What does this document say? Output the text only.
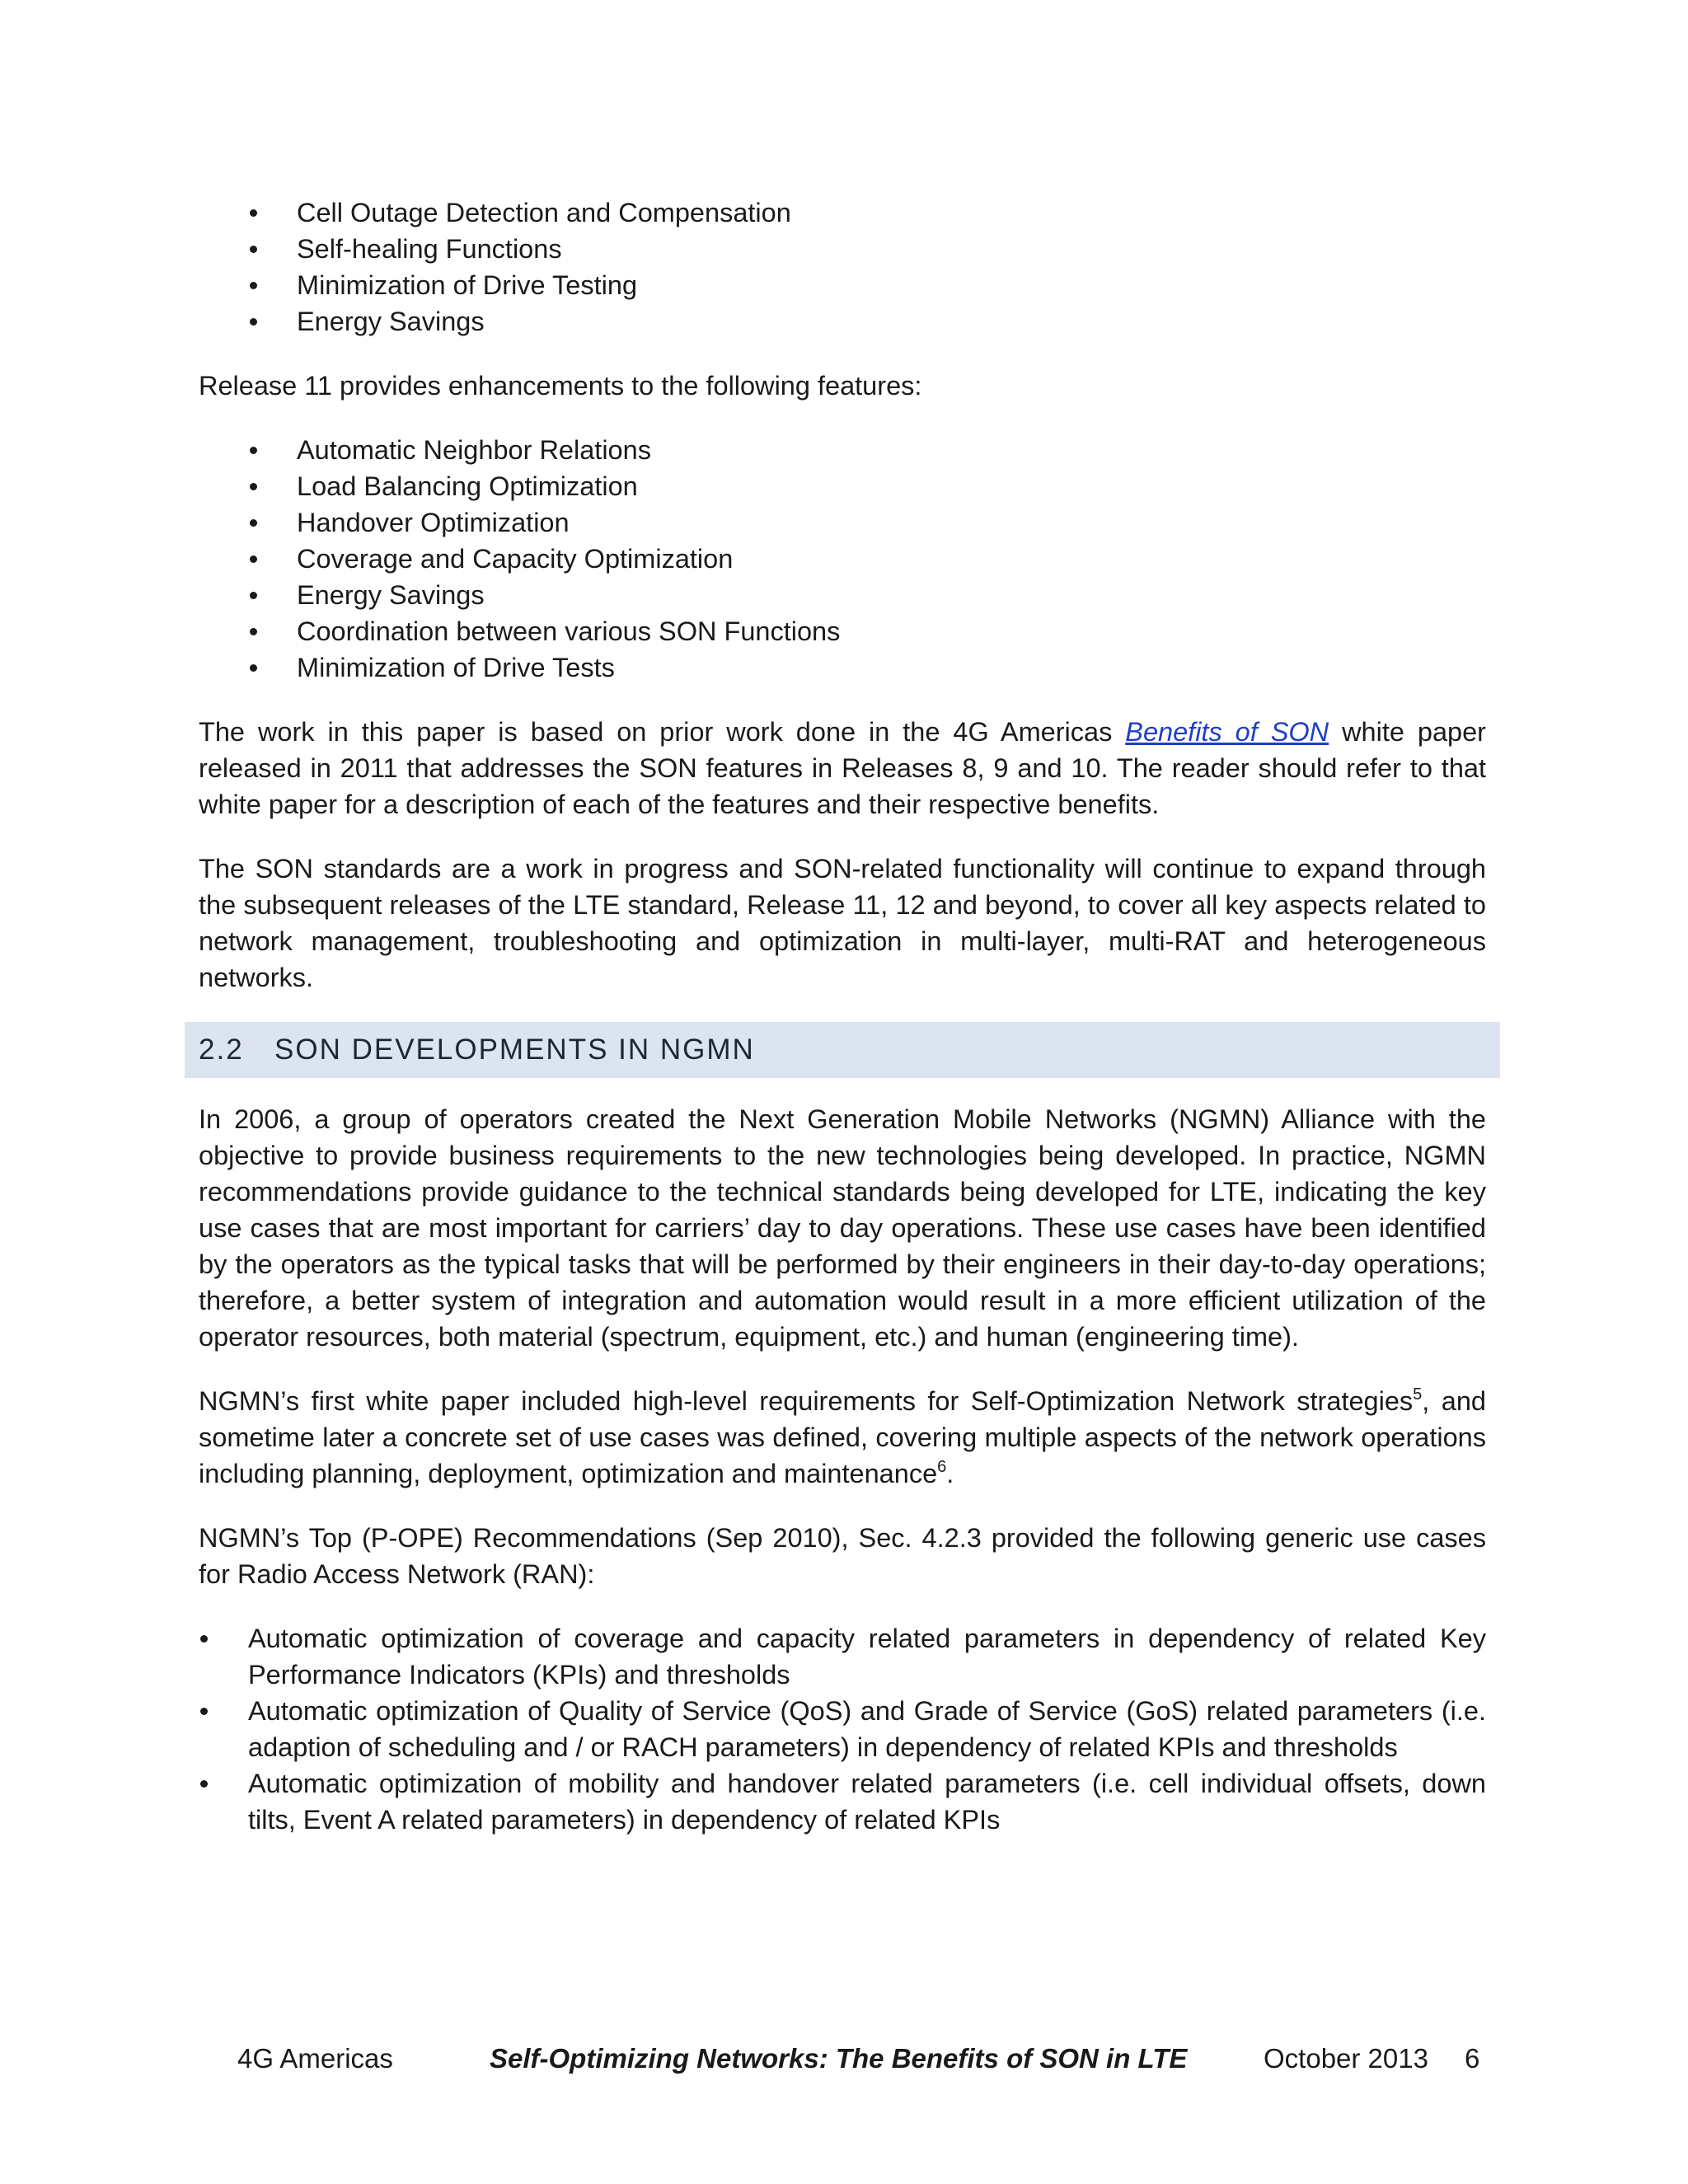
Cell Outage Detection and Compensation
Self-healing Functions
Minimization of Drive Testing
Energy Savings

Release 11 provides enhancements to the following features:

Automatic Neighbor Relations
Load Balancing Optimization
Handover Optimization
Coverage and Capacity Optimization
Energy Savings
Coordination between various SON Functions
Minimization of Drive Tests

The work in this paper is based on prior work done in the 4G Americas Benefits of SON white paper released in 2011 that addresses the SON features in Releases 8, 9 and 10. The reader should refer to that white paper for a description of each of the features and their respective benefits.

The SON standards are a work in progress and SON-related functionality will continue to expand through the subsequent releases of the LTE standard, Release 11, 12 and beyond, to cover all key aspects related to network management, troubleshooting and optimization in multi-layer, multi-RAT and heterogeneous networks.

2.2	SON DEVELOPMENTS IN NGMN

In 2006, a group of operators created the Next Generation Mobile Networks (NGMN) Alliance with the objective to provide business requirements to the new technologies being developed. In practice, NGMN recommendations provide guidance to the technical standards being developed for LTE, indicating the key use cases that are most important for carriers’ day to day operations. These use cases have been identified by the operators as the typical tasks that will be performed by their engineers in their day-to-day operations; therefore, a better system of integration and automation would result in a more efficient utilization of the operator resources, both material (spectrum, equipment, etc.) and human (engineering time).

NGMN’s first white paper included high-level requirements for Self-Optimization Network strategies$^5$, and sometime later a concrete set of use cases was defined, covering multiple aspects of the network operations including planning, deployment, optimization and maintenance$^6$.

NGMN’s Top (P-OPE) Recommendations (Sep 2010), Sec. 4.2.3 provided the following generic use cases for Radio Access Network (RAN):

Automatic optimization of coverage and capacity related parameters in dependency of related Key Performance Indicators (KPIs) and thresholds
Automatic optimization of Quality of Service (QoS) and Grade of Service (GoS) related parameters (i.e. adaption of scheduling and / or RACH parameters) in dependency of related KPIs and thresholds
Automatic optimization of mobility and handover related parameters (i.e. cell individual offsets, down tilts, Event A related parameters) in dependency of related KPIs
4G Americas	Self-Optimizing Networks: The Benefits of SON in LTE	October 2013 6
